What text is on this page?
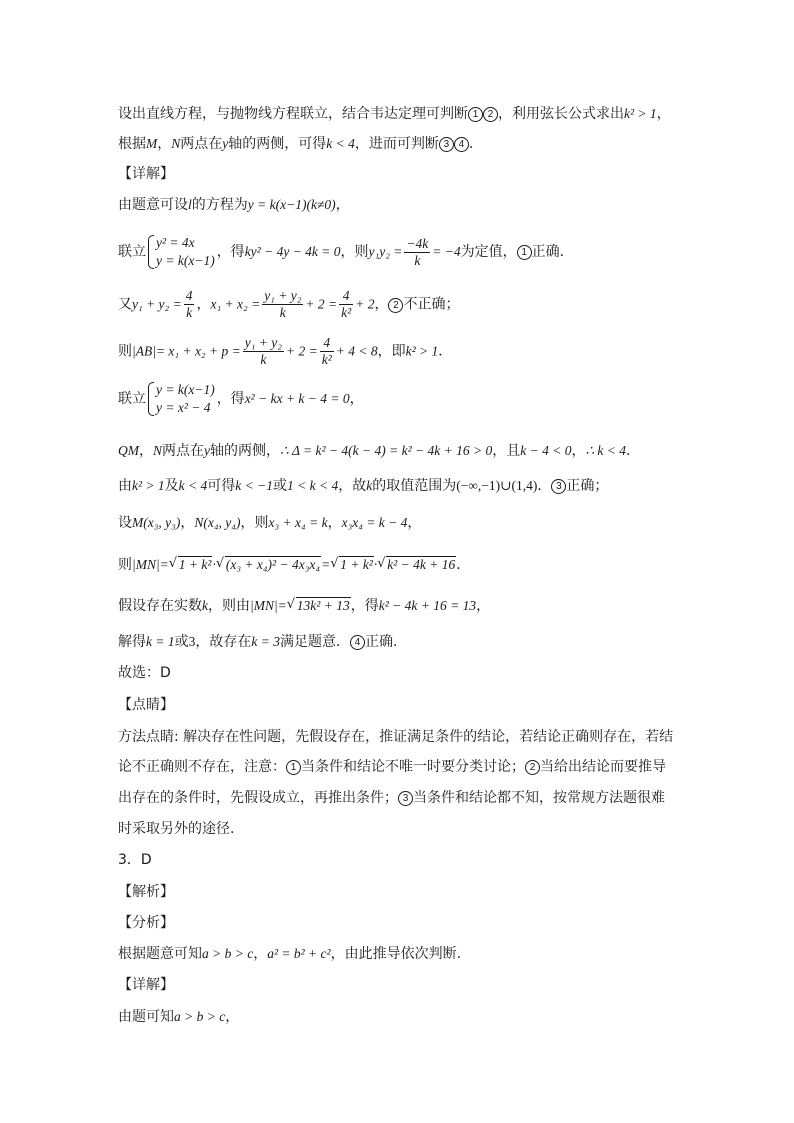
设出直线方程，与抛物线方程联立，结合韦达定理可判断 1 2 ，利用弦长公式求出k² > 1，
根据M，N两点在y轴的两侧，可得k < 4，进而可判断 3 4 .
【详解】
由题意可设l的方程为y = k(x−1)(k≠0)，
联立
y² = 4x
y = k(x−1)
，得ky² − 4y − 4k = 0，则$y_1y_2 = \frac{-4k}{k} = -4$为定值， 1 正确．
又$y_1 + y_2 = \frac{4}{k}$ ，$x_1 + x_2 = \frac{\text{y₁ + y₂}}{k} + 2 = \frac{4}{\text{k²}} + 2$， 2 不正确；
则$|AB|= x_1 + x_2 + p = \frac{\text{y₁ + y₂}}{k} + 2 = \frac{4}{\text{k²}} + 4 < 8$，即k² > 1．
联立
y = k(x−1)
y = x² − 4
，得x² − kx + k − 4 = 0，
QM，N两点在y轴的两侧，∴ Δ = k² − 4(k − 4) = k² − 4k + 16 > 0，且k − 4 < 0，∴ k < 4．
由k² > 1及k < 4可得k < −1或1 < k < 4，故k的取值范围为(−∞,−1)∪(1,4)． 3 正确；
设M(x₃, y₃)，N(x₄, y₄)，则x₃ + x₄ = k，x₃x₄ = k − 4，
则|MN|= √ 1 + k²· √ (x₃ + x₄)² − 4x₃x₄= √ 1 + k²· √ k² − 4k + 16．
假设存在实数k，则由|MN|= √ 13k² + 13，得k² − 4k + 16 = 13，
解得k = 1或3，故存在k = 3满足题意． 4 正确.
故选：D
【点睛】
方法点睛: 解决存在性问题，先假设存在，推证满足条件的结论，若结论正确则存在，若结
论不正确则不存在，注意： 1 当条件和结论不唯一时要分类讨论； 2 当给出结论而要推导
出存在的条件时，先假设成立，再推出条件； 3 当条件和结论都不知，按常规方法题很难
时采取另外的途径.
3．D
【解析】
【分析】
根据题意可知a > b > c，a² = b² + c²，由此推导依次判断.
【详解】
由题可知a > b > c，
